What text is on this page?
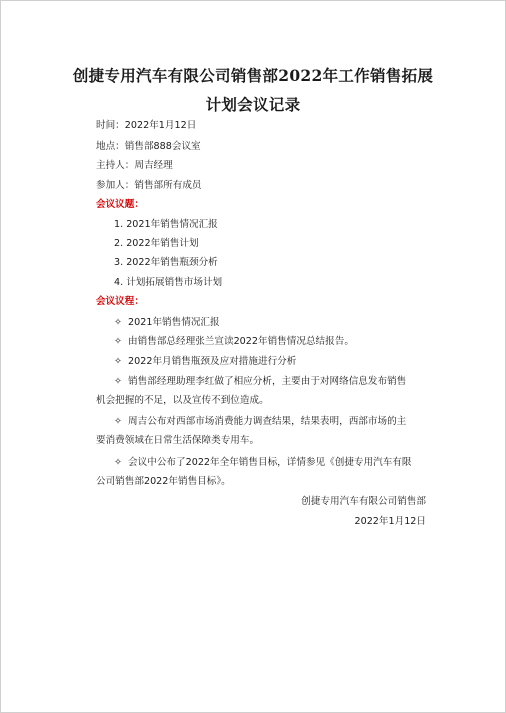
创捷专用汽车有限公司销售部2022年工作销售拓展
计划会议记录
时间：2022年1月12日
地点：销售部888会议室
主持人：周吉经理
参加人：销售部所有成员
会议议题：
1. 2021年销售情况汇报
2. 2022年销售计划
3. 2022年销售瓶颈分析
4. 计划拓展销售市场计划
会议议程：
✧ 2021年销售情况汇报
✧ 由销售部总经理张兰宣读2022年销售情况总结报告。
✧ 2022年月销售瓶颈及应对措施进行分析
✧ 销售部经理助理李红做了相应分析，主要由于对网络信息发布销售
机会把握的不足，以及宣传不到位造成。
✧ 周吉公布对西部市场消费能力调查结果，结果表明，西部市场的主
要消费领域在日常生活保障类专用车。
✧ 会议中公布了2022年全年销售目标，详情参见《创捷专用汽车有限
公司销售部2022年销售目标》。
创捷专用汽车有限公司销售部
2022年1月12日
